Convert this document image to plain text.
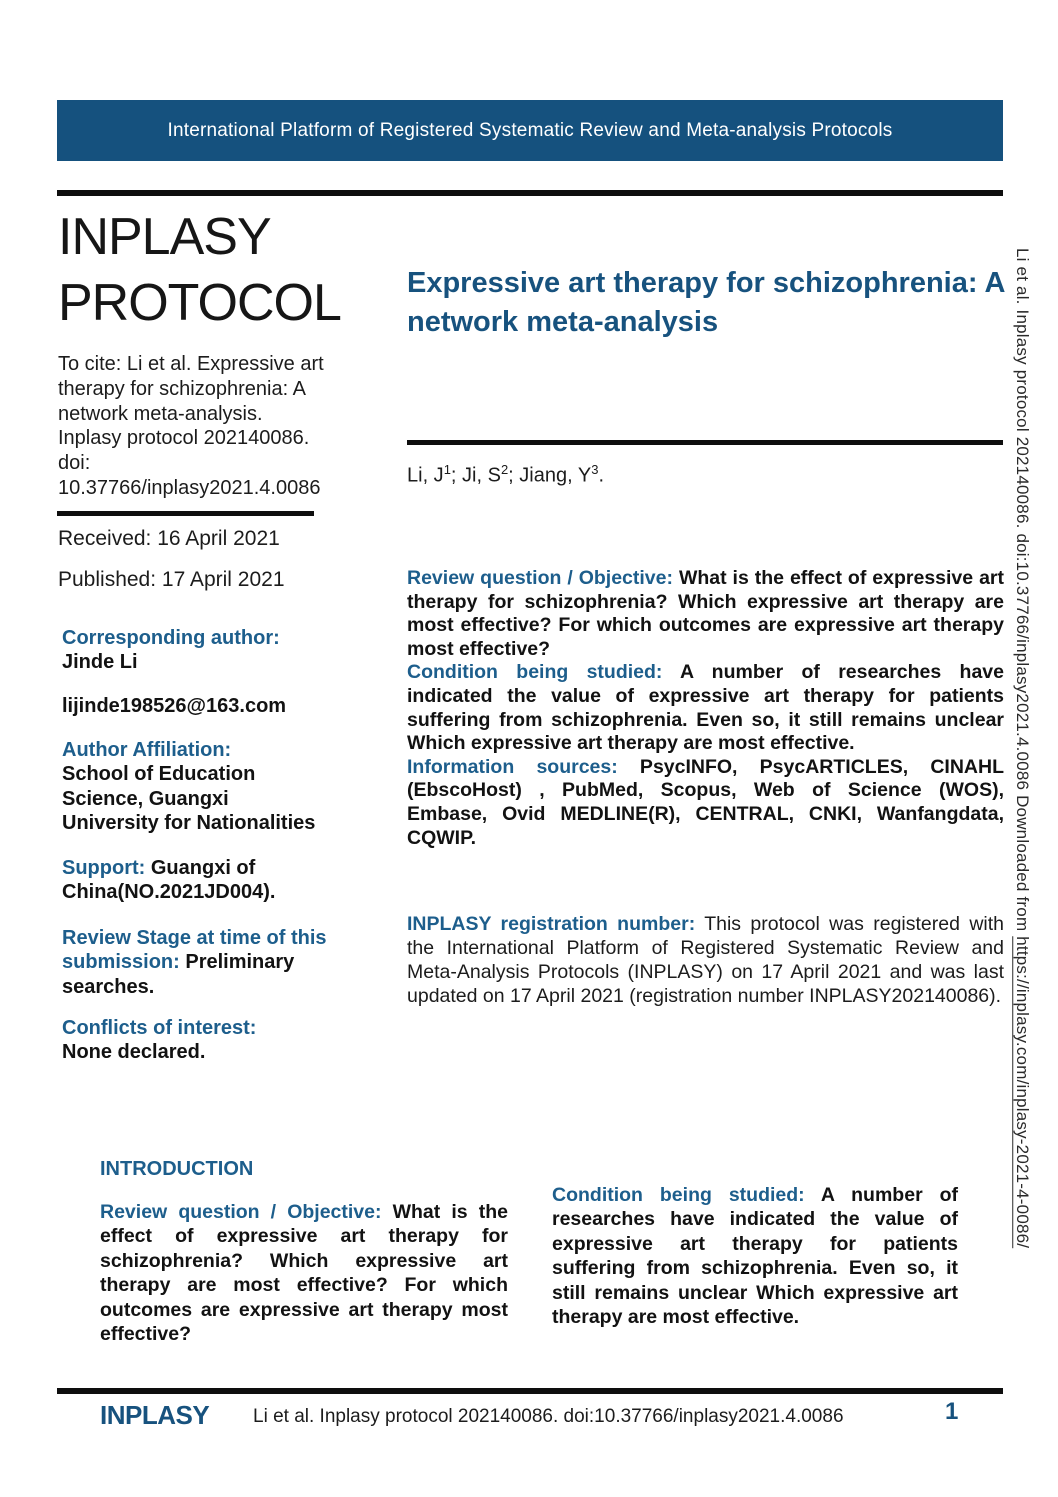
International Platform of Registered Systematic Review and Meta-analysis Protocols
INPLASY
PROTOCOL
To cite: Li et al. Expressive art therapy for schizophrenia: A network meta-analysis. Inplasy protocol 202140086. doi: 10.37766/inplasy2021.4.0086
Received: 16 April 2021
Published: 17 April 2021
Corresponding author:
Jinde Li
lijinde198526@163.com
Author Affiliation:
School of Education Science, Guangxi University for Nationalities
Support: Guangxi of China(NO.2021JD004).
Review Stage at time of this submission: Preliminary searches.
Conflicts of interest:
None declared.
Expressive art therapy for schizophrenia: A network meta-analysis
Li, $J^1$; Ji, $S^2$; Jiang, $Y^3$.

Review question / Objective: What is the effect of expressive art therapy for schizophrenia? Which expressive art therapy are most effective? For which outcomes are expressive art therapy most effective?

Condition being studied: A number of researches have indicated the value of expressive art therapy for patients suffering from schizophrenia. Even so, it still remains unclear Which expressive art therapy are most effective.

Information sources: PsycINFO, PsycARTICLES, CINAHL (EbscoHost) , PubMed, Scopus, Web of Science (WOS), Embase, Ovid MEDLINE(R), CENTRAL, CNKI, Wanfangdata, CQWIP.

INPLASY registration number: This protocol was registered with the International Platform of Registered Systematic Review and Meta-Analysis Protocols (INPLASY) on 17 April 2021 and was last updated on 17 April 2021 (registration number INPLASY202140086).
INTRODUCTION
Review question / Objective: What is the effect of expressive art therapy for schizophrenia? Which expressive art therapy are most effective? For which outcomes are expressive art therapy most effective?
Condition being studied: A number of researches have indicated the value of expressive art therapy for patients suffering from schizophrenia. Even so, it still remains unclear Which expressive art therapy are most effective.
INPLASY Li et al. Inplasy protocol 202140086. doi:10.37766/inplasy2021.4.0086	1
Li et al. Inplasy protocol 202140086. doi:10.37766/inplasy2021.4.0086 Downloaded from https://inplasy.com/inplasy-2021-4-0086/
